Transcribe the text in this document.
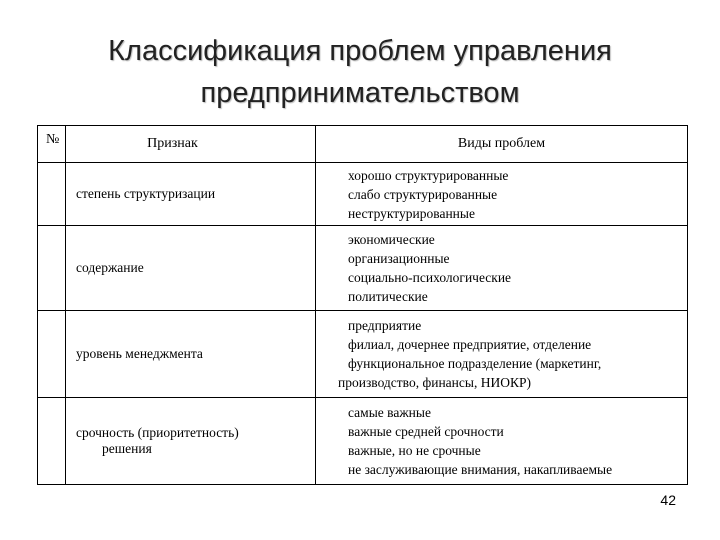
Классификация проблем управления
предпринимательством
№	Признак	Виды проблем
	степень структуризации	хорошо структурированные
слабо структурированные
неструктурированные

	содержание	экономические
организационные
социально-психологические
политические

	уровень менеджмента	предприятие
филиал, дочернее предприятие, отделение
функциональное подразделение (маркетинг,
производство, финансы, НИОКР)

	срочность (приоритетность)
решения	самые важные
важные средней срочности
важные, но не срочные
не заслуживающие внимания, накапливаемые
42
